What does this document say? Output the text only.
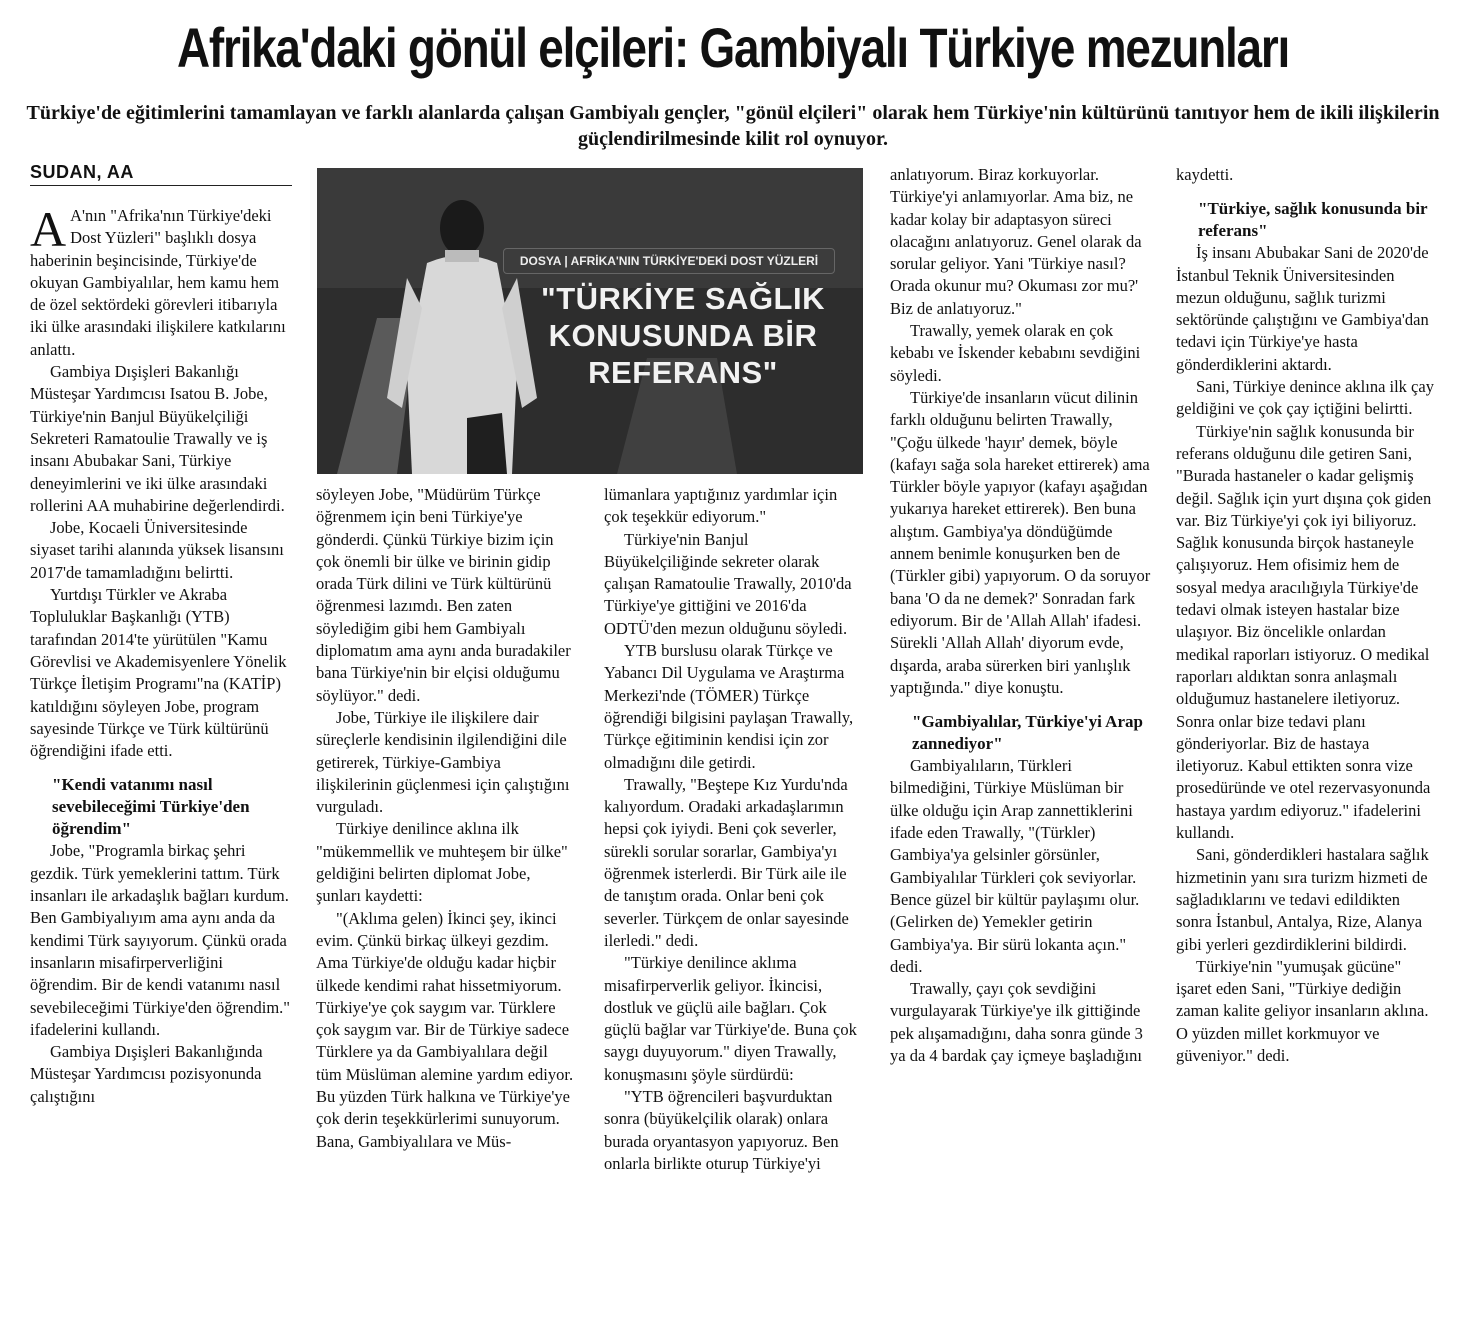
Afrika'daki gönül elçileri: Gambiyalı Türkiye mezunları
Türkiye'de eğitimlerini tamamlayan ve farklı alanlarda çalışan Gambiyalı gençler, "gönül elçileri" olarak hem Türkiye'nin kültürünü tanıtıyor hem de ikili ilişkilerin güçlendirilmesinde kilit rol oynuyor.
SUDAN, AA
DOSYA | AFRİKA'NIN TÜRKİYE'DEKİ DOST YÜZLERİ
"TÜRKİYE SAĞLIK KONUSUNDA BİR REFERANS"

A A'nın "Afrika'nın Türkiye'deki Dost Yüzleri" başlıklı dosya haberinin beşincisinde, Türkiye'de okuyan Gambiyalılar, hem kamu hem de özel sektördeki görevleri itibarıyla iki ülke arasındaki ilişkilere katkılarını anlattı.

Gambiya Dışişleri Bakanlığı Müsteşar Yardımcısı Isatou B. Jobe, Türkiye'nin Banjul Büyükelçiliği Sekreteri Ramatoulie Trawally ve iş insanı Abubakar Sani, Türkiye deneyimlerini ve iki ülke arasındaki rollerini AA muhabirine değerlendirdi.

Jobe, Kocaeli Üniversitesinde siyaset tarihi alanında yüksek lisansını 2017'de tamamladığını belirtti.

Yurtdışı Türkler ve Akraba Topluluklar Başkanlığı (YTB) tarafından 2014'te yürütülen "Kamu Görevlisi ve Akademisyenlere Yönelik Türkçe İletişim Programı"na (KATİP) katıldığını söyleyen Jobe, program sayesinde Türkçe ve Türk kültürünü öğrendiğini ifade etti.

"Kendi vatanımı nasıl sevebileceğimi Türkiye'den öğrendim"

Jobe, "Programla birkaç şehri gezdik. Türk yemeklerini tattım. Türk insanları ile arkadaşlık bağları kurdum. Ben Gambiyalıyım ama aynı anda da kendimi Türk sayıyorum. Çünkü orada insanların misafirperverliğini öğrendim. Bir de kendi vatanımı nasıl sevebileceğimi Türkiye'den öğrendim." ifadelerini kullandı.

Gambiya Dışişleri Bakanlığında Müsteşar Yardımcısı pozisyonunda çalıştığını

söyleyen Jobe, "Müdürüm Türkçe öğrenmem için beni Türkiye'ye gönderdi. Çünkü Türkiye bizim için çok önemli bir ülke ve birinin gidip orada Türk dilini ve Türk kültürünü öğrenmesi lazımdı. Ben zaten söylediğim gibi hem Gambiyalı diplomatım ama aynı anda buradakiler bana Türkiye'nin bir elçisi olduğumu söylüyor." dedi.

Jobe, Türkiye ile ilişkilere dair süreçlerle kendisinin ilgilendiğini dile getirerek, Türkiye-Gambiya ilişkilerinin güçlenmesi için çalıştığını vurguladı.

Türkiye denilince aklına ilk "mükemmellik ve muhteşem bir ülke" geldiğini belirten diplomat Jobe, şunları kaydetti:

"(Aklıma gelen) İkinci şey, ikinci evim. Çünkü birkaç ülkeyi gezdim. Ama Türkiye'de olduğu kadar hiçbir ülkede kendimi rahat hissetmiyorum. Türkiye'ye çok saygım var. Türklere çok saygım var. Bir de Türkiye sadece Türklere ya da Gambiyalılara değil tüm Müslüman alemine yardım ediyor. Bu yüzden Türk halkına ve Türkiye'ye çok derin teşekkürlerimi sunuyorum. Bana, Gambiyalılara ve Müs-

lümanlara yaptığınız yardımlar için çok teşekkür ediyorum."

Türkiye'nin Banjul Büyükelçiliğinde sekreter olarak çalışan Ramatoulie Trawally, 2010'da Türkiye'ye gittiğini ve 2016'da ODTÜ'den mezun olduğunu söyledi.

YTB burslusu olarak Türkçe ve Yabancı Dil Uygulama ve Araştırma Merkezi'nde (TÖMER) Türkçe öğrendiği bilgisini paylaşan Trawally, Türkçe eğitiminin kendisi için zor olmadığını dile getirdi.

Trawally, "Beştepe Kız Yurdu'nda kalıyordum. Oradaki arkadaşlarımın hepsi çok iyiydi. Beni çok severler, sürekli sorular sorarlar, Gambiya'yı öğrenmek isterlerdi. Bir Türk aile ile de tanıştım orada. Onlar beni çok severler. Türkçem de onlar sayesinde ilerledi." dedi.

"Türkiye denilince aklıma misafirperverlik geliyor. İkincisi, dostluk ve güçlü aile bağları. Çok güçlü bağlar var Türkiye'de. Buna çok saygı duyuyorum." diyen Trawally, konuşmasını şöyle sürdürdü:

"YTB öğrencileri başvurduktan sonra (büyükelçilik olarak) onlara burada oryantasyon yapıyoruz. Ben onlarla birlikte oturup Türkiye'yi

anlatıyorum. Biraz korkuyorlar. Türkiye'yi anlamıyorlar. Ama biz, ne kadar kolay bir adaptasyon süreci olacağını anlatıyoruz. Genel olarak da sorular geliyor. Yani 'Türkiye nasıl? Orada okunur mu? Okuması zor mu?' Biz de anlatıyoruz."

Trawally, yemek olarak en çok kebabı ve İskender kebabını sevdiğini söyledi.

Türkiye'de insanların vücut dilinin farklı olduğunu belirten Trawally, "Çoğu ülkede 'hayır' demek, böyle (kafayı sağa sola hareket ettirerek) ama Türkler böyle yapıyor (kafayı aşağıdan yukarıya hareket ettirerek). Ben buna alıştım. Gambiya'ya döndüğümde annem benimle konuşurken ben de (Türkler gibi) yapıyorum. O da soruyor bana 'O da ne demek?' Sonradan fark ediyorum. Bir de 'Allah Allah' ifadesi. Sürekli 'Allah Allah' diyorum evde, dışarda, araba sürerken biri yanlışlık yaptığında." diye konuştu.

"Gambiyalılar, Türkiye'yi Arap zannediyor"

Gambiyalıların, Türkleri bilmediğini, Türkiye Müslüman bir ülke olduğu için Arap zannettiklerini ifade eden Trawally, "(Türkler) Gambiya'ya gelsinler görsünler, Gambiyalılar Türkleri çok seviyorlar. Bence güzel bir kültür paylaşımı olur. (Gelirken de) Yemekler getirin Gambiya'ya. Bir sürü lokanta açın." dedi.

Trawally, çayı çok sevdiğini vurgulayarak Türkiye'ye ilk gittiğinde pek alışamadığını, daha sonra günde 3 ya da 4 bardak çay içmeye başladığını

kaydetti.

"Türkiye, sağlık konusunda bir referans"

İş insanı Abubakar Sani de 2020'de İstanbul Teknik Üniversitesinden mezun olduğunu, sağlık turizmi sektöründe çalıştığını ve Gambiya'dan tedavi için Türkiye'ye hasta gönderdiklerini aktardı.

Sani, Türkiye denince aklına ilk çay geldiğini ve çok çay içtiğini belirtti.

Türkiye'nin sağlık konusunda bir referans olduğunu dile getiren Sani, "Burada hastaneler o kadar gelişmiş değil. Sağlık için yurt dışına çok giden var. Biz Türkiye'yi çok iyi biliyoruz. Sağlık konusunda birçok hastaneyle çalışıyoruz. Hem ofisimiz hem de sosyal medya aracılığıyla Türkiye'de tedavi olmak isteyen hastalar bize ulaşıyor. Biz öncelikle onlardan medikal raporları istiyoruz. O medikal raporları aldıktan sonra anlaşmalı olduğumuz hastanelere iletiyoruz. Sonra onlar bize tedavi planı gönderiyorlar. Biz de hastaya iletiyoruz. Kabul ettikten sonra vize prosedüründe ve otel rezervasyonunda hastaya yardım ediyoruz." ifadelerini kullandı.

Sani, gönderdikleri hastalara sağlık hizmetinin yanı sıra turizm hizmeti de sağladıklarını ve tedavi edildikten sonra İstanbul, Antalya, Rize, Alanya gibi yerleri gezdirdiklerini bildirdi.

Türkiye'nin "yumuşak gücüne" işaret eden Sani, "Türkiye dediğin zaman kalite geliyor insanların aklına. O yüzden millet korkmuyor ve güveniyor." dedi.
